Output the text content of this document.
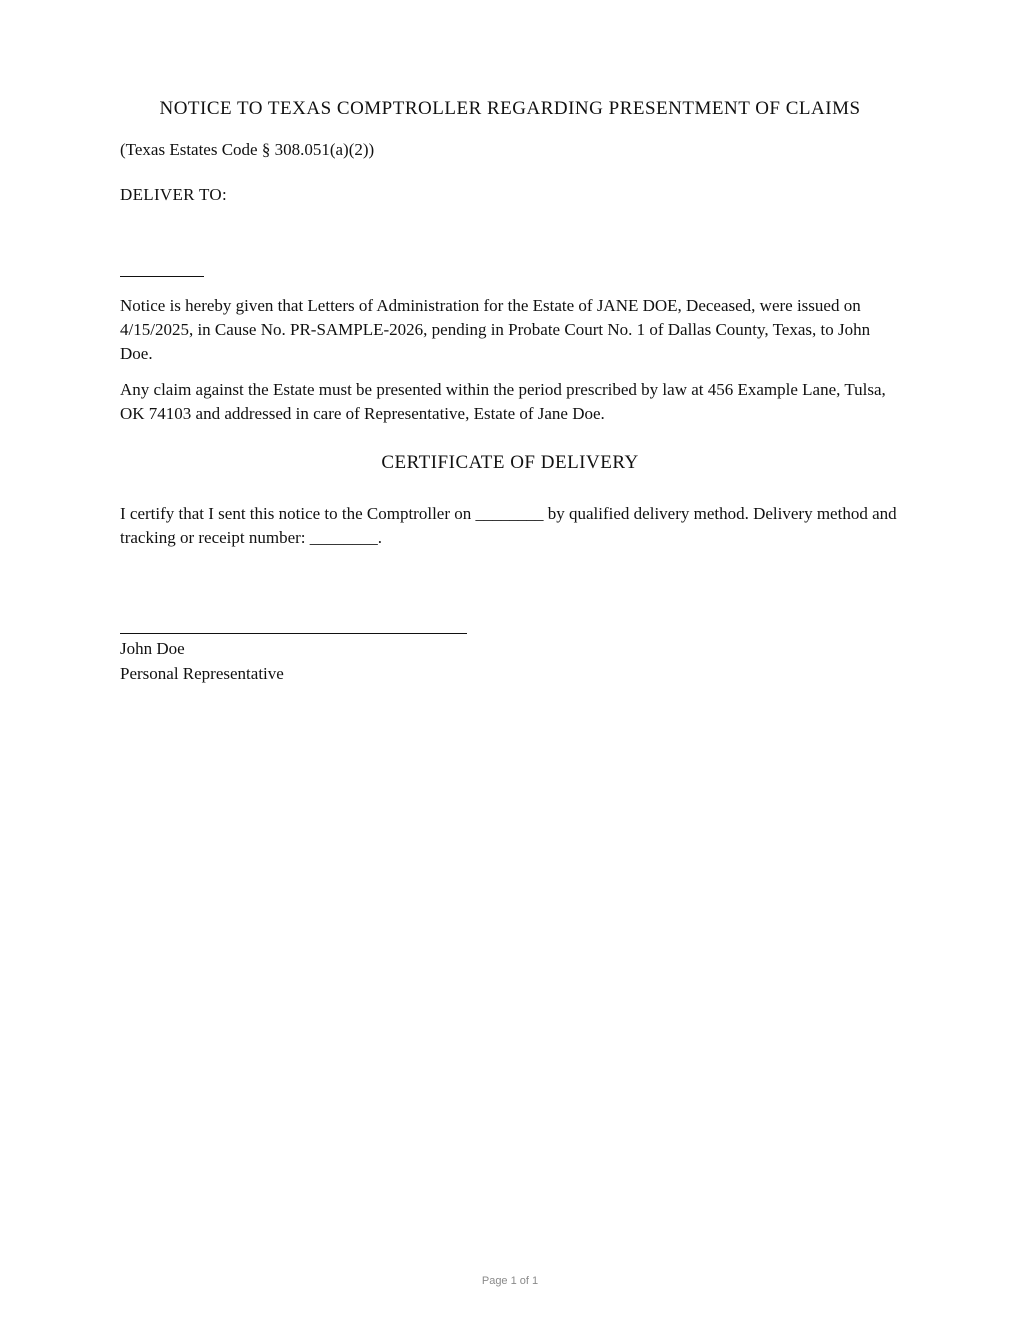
NOTICE TO TEXAS COMPTROLLER REGARDING PRESENTMENT OF CLAIMS
(Texas Estates Code § 308.051(a)(2))
DELIVER TO:
Notice is hereby given that Letters of Administration for the Estate of JANE DOE, Deceased, were issued on 4/15/2025, in Cause No. PR-SAMPLE-2026, pending in Probate Court No. 1 of Dallas County, Texas, to John Doe.
Any claim against the Estate must be presented within the period prescribed by law at 456 Example Lane, Tulsa, OK 74103 and addressed in care of Representative, Estate of Jane Doe.
CERTIFICATE OF DELIVERY
I certify that I sent this notice to the Comptroller on ________ by qualified delivery method. Delivery method and tracking or receipt number: ________.
John Doe
Personal Representative
Page 1 of 1
